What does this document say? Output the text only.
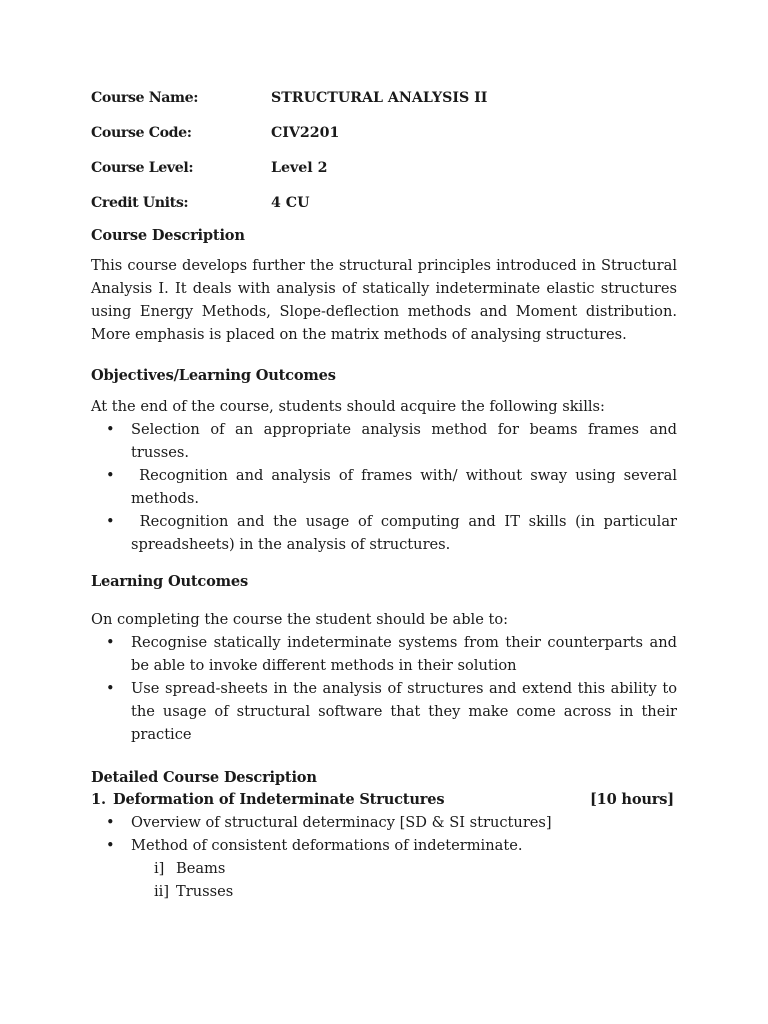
Course Name:	STRUCTURAL ANALYSIS II
Course Code:	CIV2201
Course Level:	Level 2
Credit Units:	4 CU
Course Description

This course develops further the structural principles introduced in Structural Analysis I. It deals with analysis of statically indeterminate elastic structures using Energy Methods, Slope-deflection methods and Moment distribution. More emphasis is placed on the matrix methods of analysing structures.

Objectives/Learning Outcomes

At the end of the course, students should acquire the following skills:

• Selection of an appropriate analysis method for beams frames and trusses.
• Recognition and analysis of frames with/ without sway using several methods.
• Recognition and the usage of computing and IT skills (in particular spreadsheets) in the analysis of structures.
Learning Outcomes

On completing the course the student should be able to:

• Recognise statically indeterminate systems from their counterparts and be able to invoke different methods in their solution
• Use spread-sheets in the analysis of structures and extend this ability to the usage of structural software that they make come across in their practice
Detailed Course Description
1. Deformation of Indeterminate Structures	[10 hours]
• Overview of structural determinacy [SD & SI structures]
• Method of consistent deformations of indeterminate.
i] Beams
ii] Trusses
